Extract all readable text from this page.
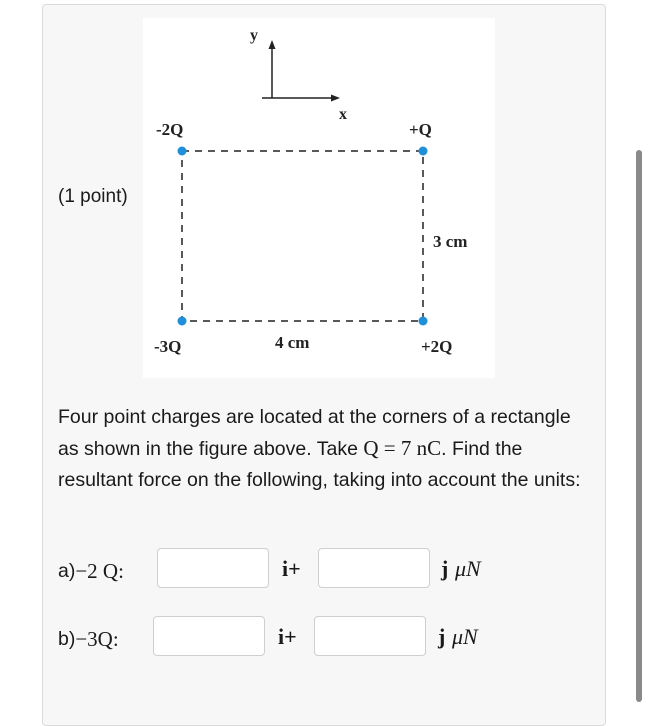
(1 point)
y
x
-2Q	+Q
-3Q	+2Q
4 cm
3 cm
Four point charges are located at the corners of a rectangle as shown in the figure above. Take Q = 7 nC. Find the resultant force on the following, taking into account the units:
a) −2 Q:	i+	j μN
b) −3Q:	i+	j μN
